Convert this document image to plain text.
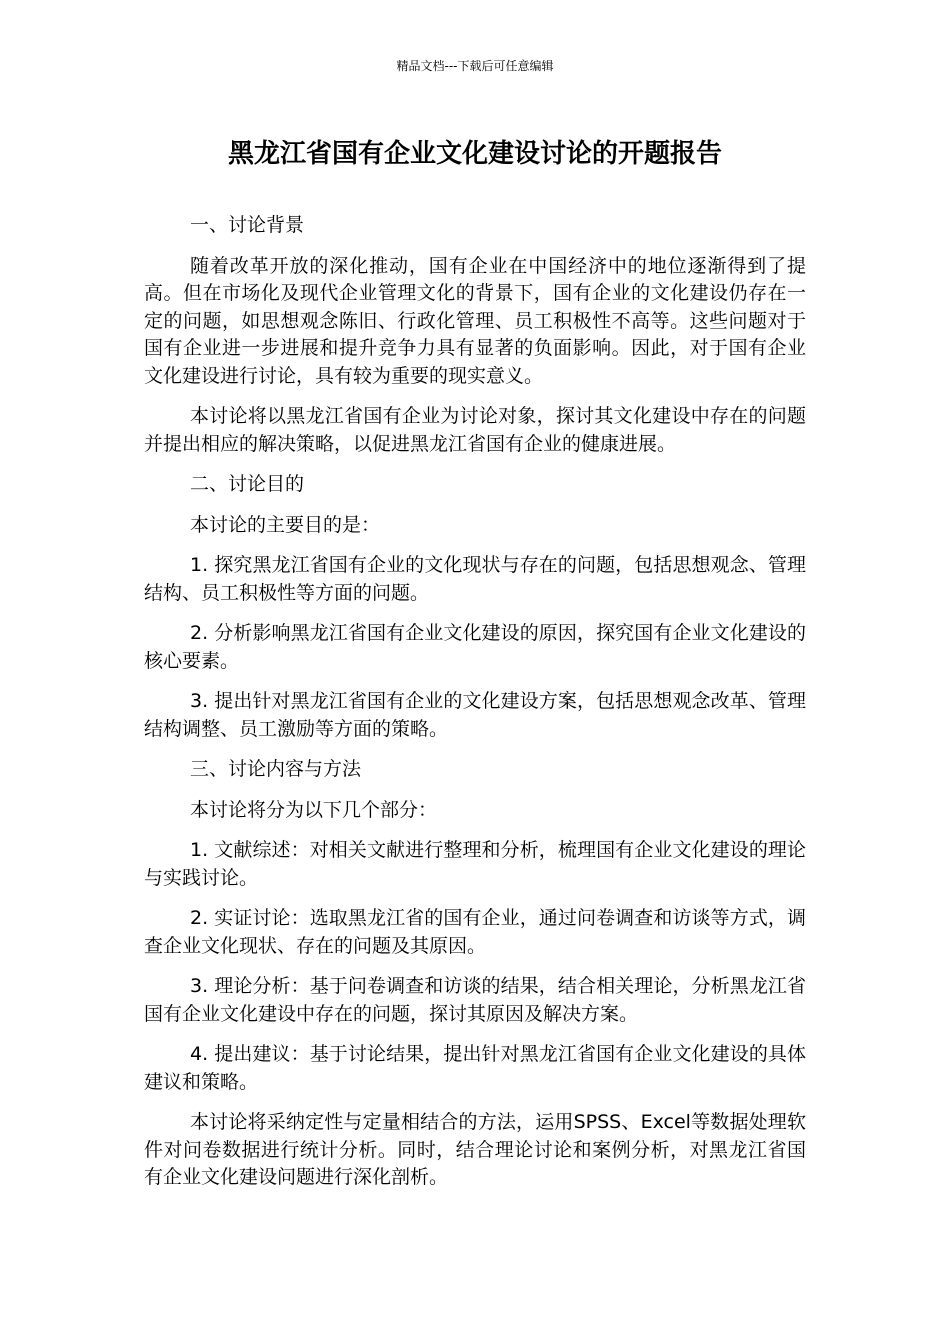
精品文档---下载后可任意编辑
黑龙江省国有企业文化建设讨论的开题报告

一、讨论背景

随着改革开放的深化推动，国有企业在中国经济中的地位逐渐得到了提高。但在市场化及现代企业管理文化的背景下，国有企业的文化建设仍存在一定的问题，如思想观念陈旧、行政化管理、员工积极性不高等。这些问题对于国有企业进一步进展和提升竞争力具有显著的负面影响。因此，对于国有企业文化建设进行讨论，具有较为重要的现实意义。

本讨论将以黑龙江省国有企业为讨论对象，探讨其文化建设中存在的问题并提出相应的解决策略，以促进黑龙江省国有企业的健康进展。

二、讨论目的

本讨论的主要目的是：

1. 探究黑龙江省国有企业的文化现状与存在的问题，包括思想观念、管理结构、员工积极性等方面的问题。

2. 分析影响黑龙江省国有企业文化建设的原因，探究国有企业文化建设的核心要素。

3. 提出针对黑龙江省国有企业的文化建设方案，包括思想观念改革、管理结构调整、员工激励等方面的策略。

三、讨论内容与方法

本讨论将分为以下几个部分：

1. 文献综述：对相关文献进行整理和分析，梳理国有企业文化建设的理论与实践讨论。

2. 实证讨论：选取黑龙江省的国有企业，通过问卷调查和访谈等方式，调查企业文化现状、存在的问题及其原因。

3. 理论分析：基于问卷调查和访谈的结果，结合相关理论，分析黑龙江省国有企业文化建设中存在的问题，探讨其原因及解决方案。

4. 提出建议：基于讨论结果，提出针对黑龙江省国有企业文化建设的具体建议和策略。

本讨论将采纳定性与定量相结合的方法，运用SPSS、Excel等数据处理软件对问卷数据进行统计分析。同时，结合理论讨论和案例分析，对黑龙江省国有企业文化建设问题进行深化剖析。
